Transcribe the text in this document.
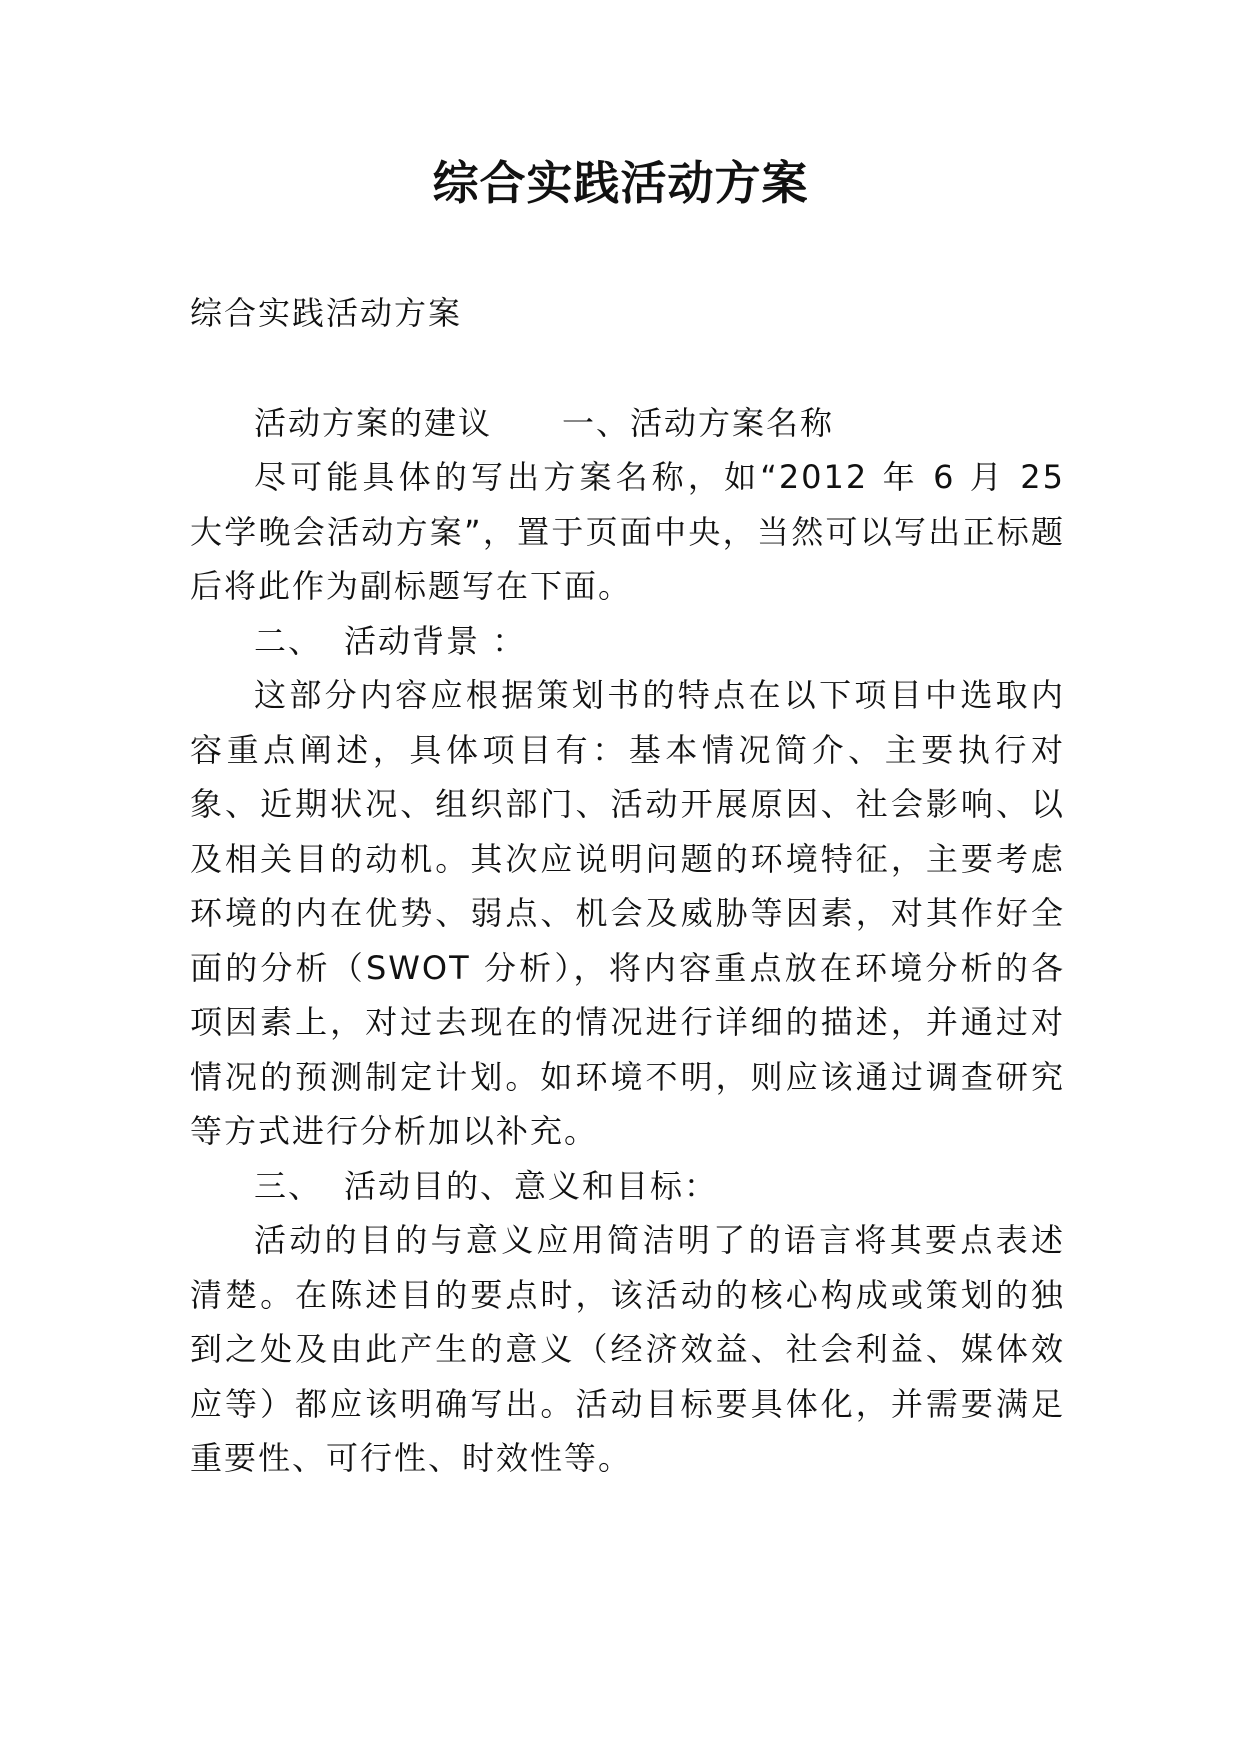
综合实践活动方案

综合实践活动方案

活动方案的建议 一、活动方案名称

尽可能具体的写出方案名称，如“2012 年 6 月 25 大学晚会活动方案”，置于页面中央，当然可以写出正标题后将此作为副标题写在下面。

二、 活动背景 ：

这部分内容应根据策划书的特点在以下项目中选取内容重点阐述，具体项目有：基本情况简介、主要执行对象、近期状况、组织部门、活动开展原因、社会影响、以及相关目的动机。其次应说明问题的环境特征，主要考虑环境的内在优势、弱点、机会及威胁等因素，对其作好全面的分析（SWOT 分析），将内容重点放在环境分析的各项因素上，对过去现在的情况进行详细的描述，并通过对情况的预测制定计划。如环境不明，则应该通过调查研究等方式进行分析加以补充。

三、 活动目的、意义和目标：

活动的目的与意义应用简洁明了的语言将其要点表述清楚。在陈述目的要点时，该活动的核心构成或策划的独到之处及由此产生的意义（经济效益、社会利益、媒体效应等）都应该明确写出。活动目标要具体化，并需要满足重要性、可行性、时效性等。
